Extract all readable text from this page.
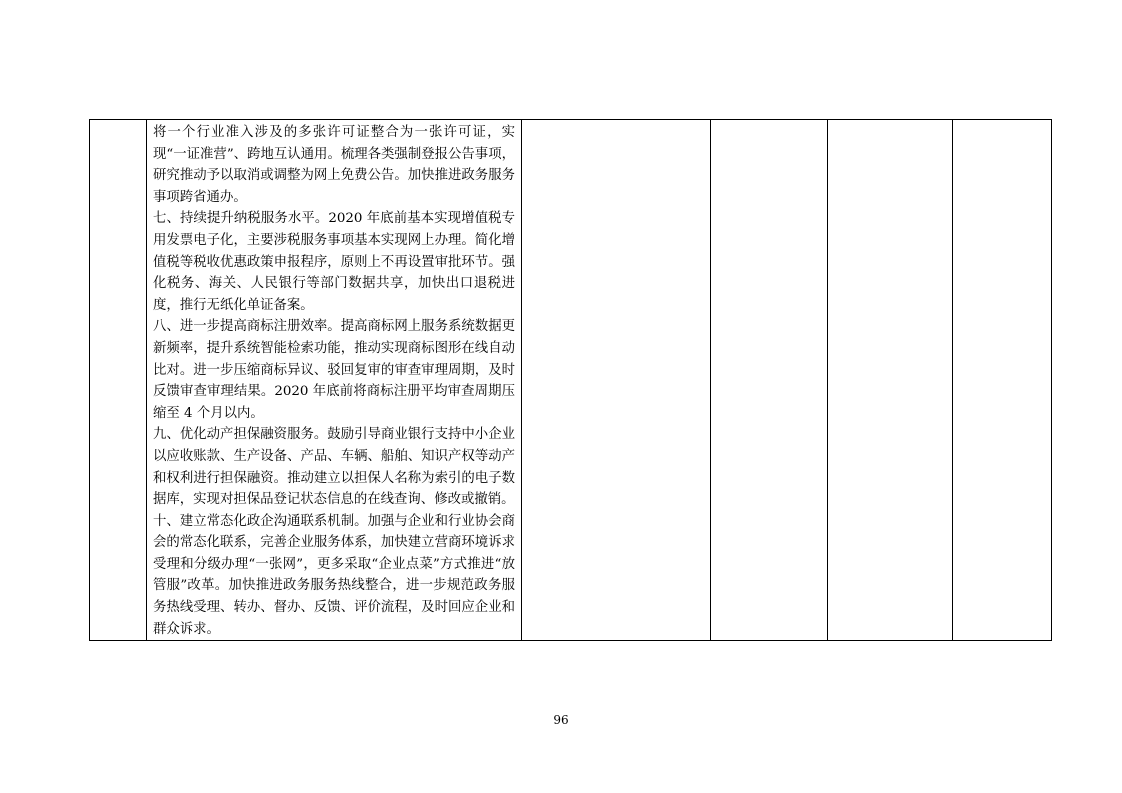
将一个行业准入涉及的多张许可证整合为一张许可证，实现“一证准营”、跨地互认通用。梳理各类强制登报公告事项，研究推动予以取消或调整为网上免费公告。加快推进政务服务事项跨省通办。

七、持续提升纳税服务水平。2020 年底前基本实现增值税专用发票电子化，主要涉税服务事项基本实现网上办理。简化增值税等税收优惠政策申报程序，原则上不再设置审批环节。强化税务、海关、人民银行等部门数据共享，加快出口退税进度，推行无纸化单证备案。

八、进一步提高商标注册效率。提高商标网上服务系统数据更新频率，提升系统智能检索功能，推动实现商标图形在线自动比对。进一步压缩商标异议、驳回复审的审查审理周期，及时反馈审查审理结果。2020 年底前将商标注册平均审查周期压缩至 4 个月以内。

九、优化动产担保融资服务。鼓励引导商业银行支持中小企业以应收账款、生产设备、产品、车辆、船舶、知识产权等动产和权利进行担保融资。推动建立以担保人名称为索引的电子数据库，实现对担保品登记状态信息的在线查询、修改或撤销。

十、建立常态化政企沟通联系机制。加强与企业和行业协会商会的常态化联系，完善企业服务体系，加快建立营商环境诉求受理和分级办理“一张网”，更多采取“企业点菜”方式推进“放管服”改革。加快推进政务服务热线整合，进一步规范政务服务热线受理、转办、督办、反馈、评价流程，及时回应企业和群众诉求。

96
